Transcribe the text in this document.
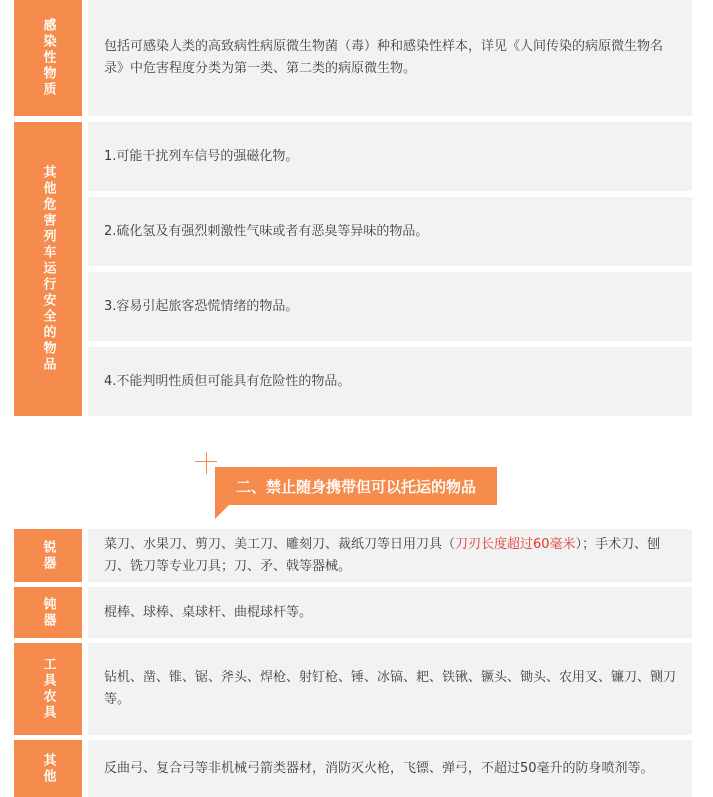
感染性物质	包括可感染人类的高致病性病原微生物菌（毒）种和感染性样本，详见《人间传染的病原微生物名录》中危害程度分类为第一类、第二类的病原微生物。
其他危害列车运行安全的物品
1.可能干扰列车信号的强磁化物。
2.硫化氢及有强烈刺激性气味或者有恶臭等异味的物品。
3.容易引起旅客恐慌情绪的物品。
4.不能判明性质但可能具有危险性的物品。
二、禁止随身携带但可以托运的物品
锐器	菜刀、水果刀、剪刀、美工刀、雕刻刀、裁纸刀等日用刀具（刀刃长度超过60毫米）；手术刀、刨刀、铣刀等专业刀具；刀、矛、戟等器械。
钝器	棍棒、球棒、桌球杆、曲棍球杆等。
工具农具	钻机、凿、锥、锯、斧头、焊枪、射钉枪、锤、冰镐、耙、铁锹、镢头、锄头、农用叉、镰刀、铡刀等。
其他	反曲弓、复合弓等非机械弓箭类器材，消防灭火枪，飞镖、弹弓，不超过50毫升的防身喷剂等。
